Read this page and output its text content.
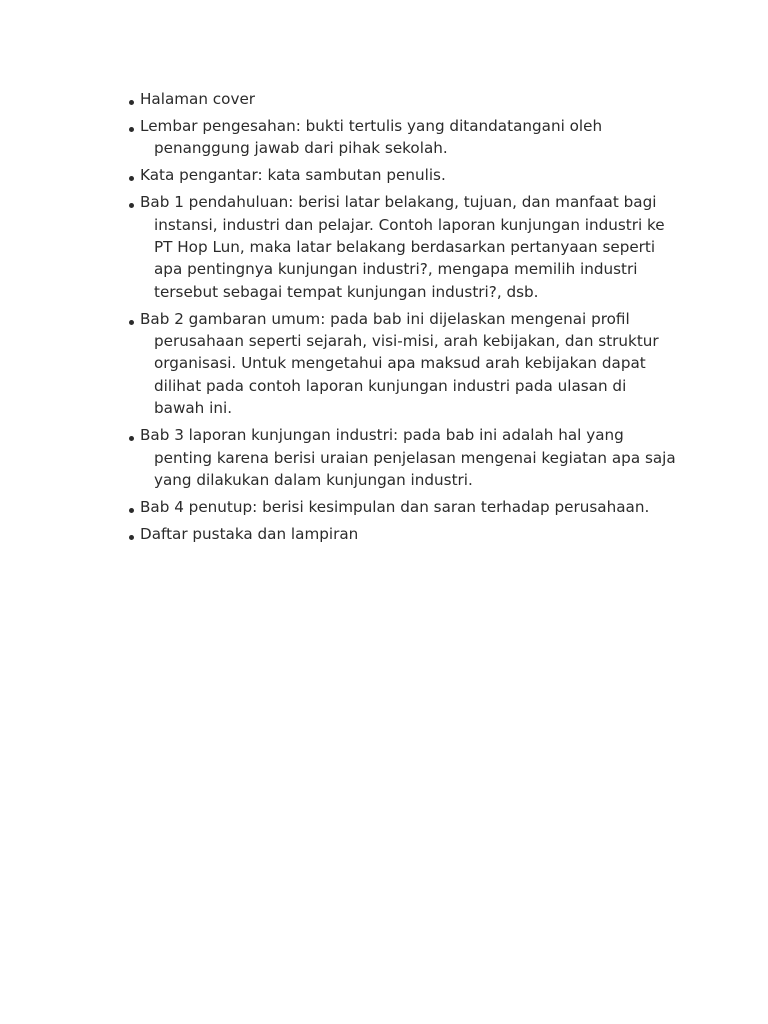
Halaman cover
Lembar pengesahan: bukti tertulis yang ditandatangani oleh
penanggung jawab dari pihak sekolah.
Kata pengantar: kata sambutan penulis.
Bab 1 pendahuluan: berisi latar belakang, tujuan, dan manfaat bagi
instansi, industri dan pelajar. Contoh laporan kunjungan industri ke
PT Hop Lun, maka latar belakang berdasarkan pertanyaan seperti
apa pentingnya kunjungan industri?, mengapa memilih industri
tersebut sebagai tempat kunjungan industri?, dsb.
Bab 2 gambaran umum: pada bab ini dijelaskan mengenai profil
perusahaan seperti sejarah, visi-misi, arah kebijakan, dan struktur
organisasi. Untuk mengetahui apa maksud arah kebijakan dapat
dilihat pada contoh laporan kunjungan industri pada ulasan di
bawah ini.
Bab 3 laporan kunjungan industri: pada bab ini adalah hal yang
penting karena berisi uraian penjelasan mengenai kegiatan apa saja
yang dilakukan dalam kunjungan industri.
Bab 4 penutup: berisi kesimpulan dan saran terhadap perusahaan.
Daftar pustaka dan lampiran
